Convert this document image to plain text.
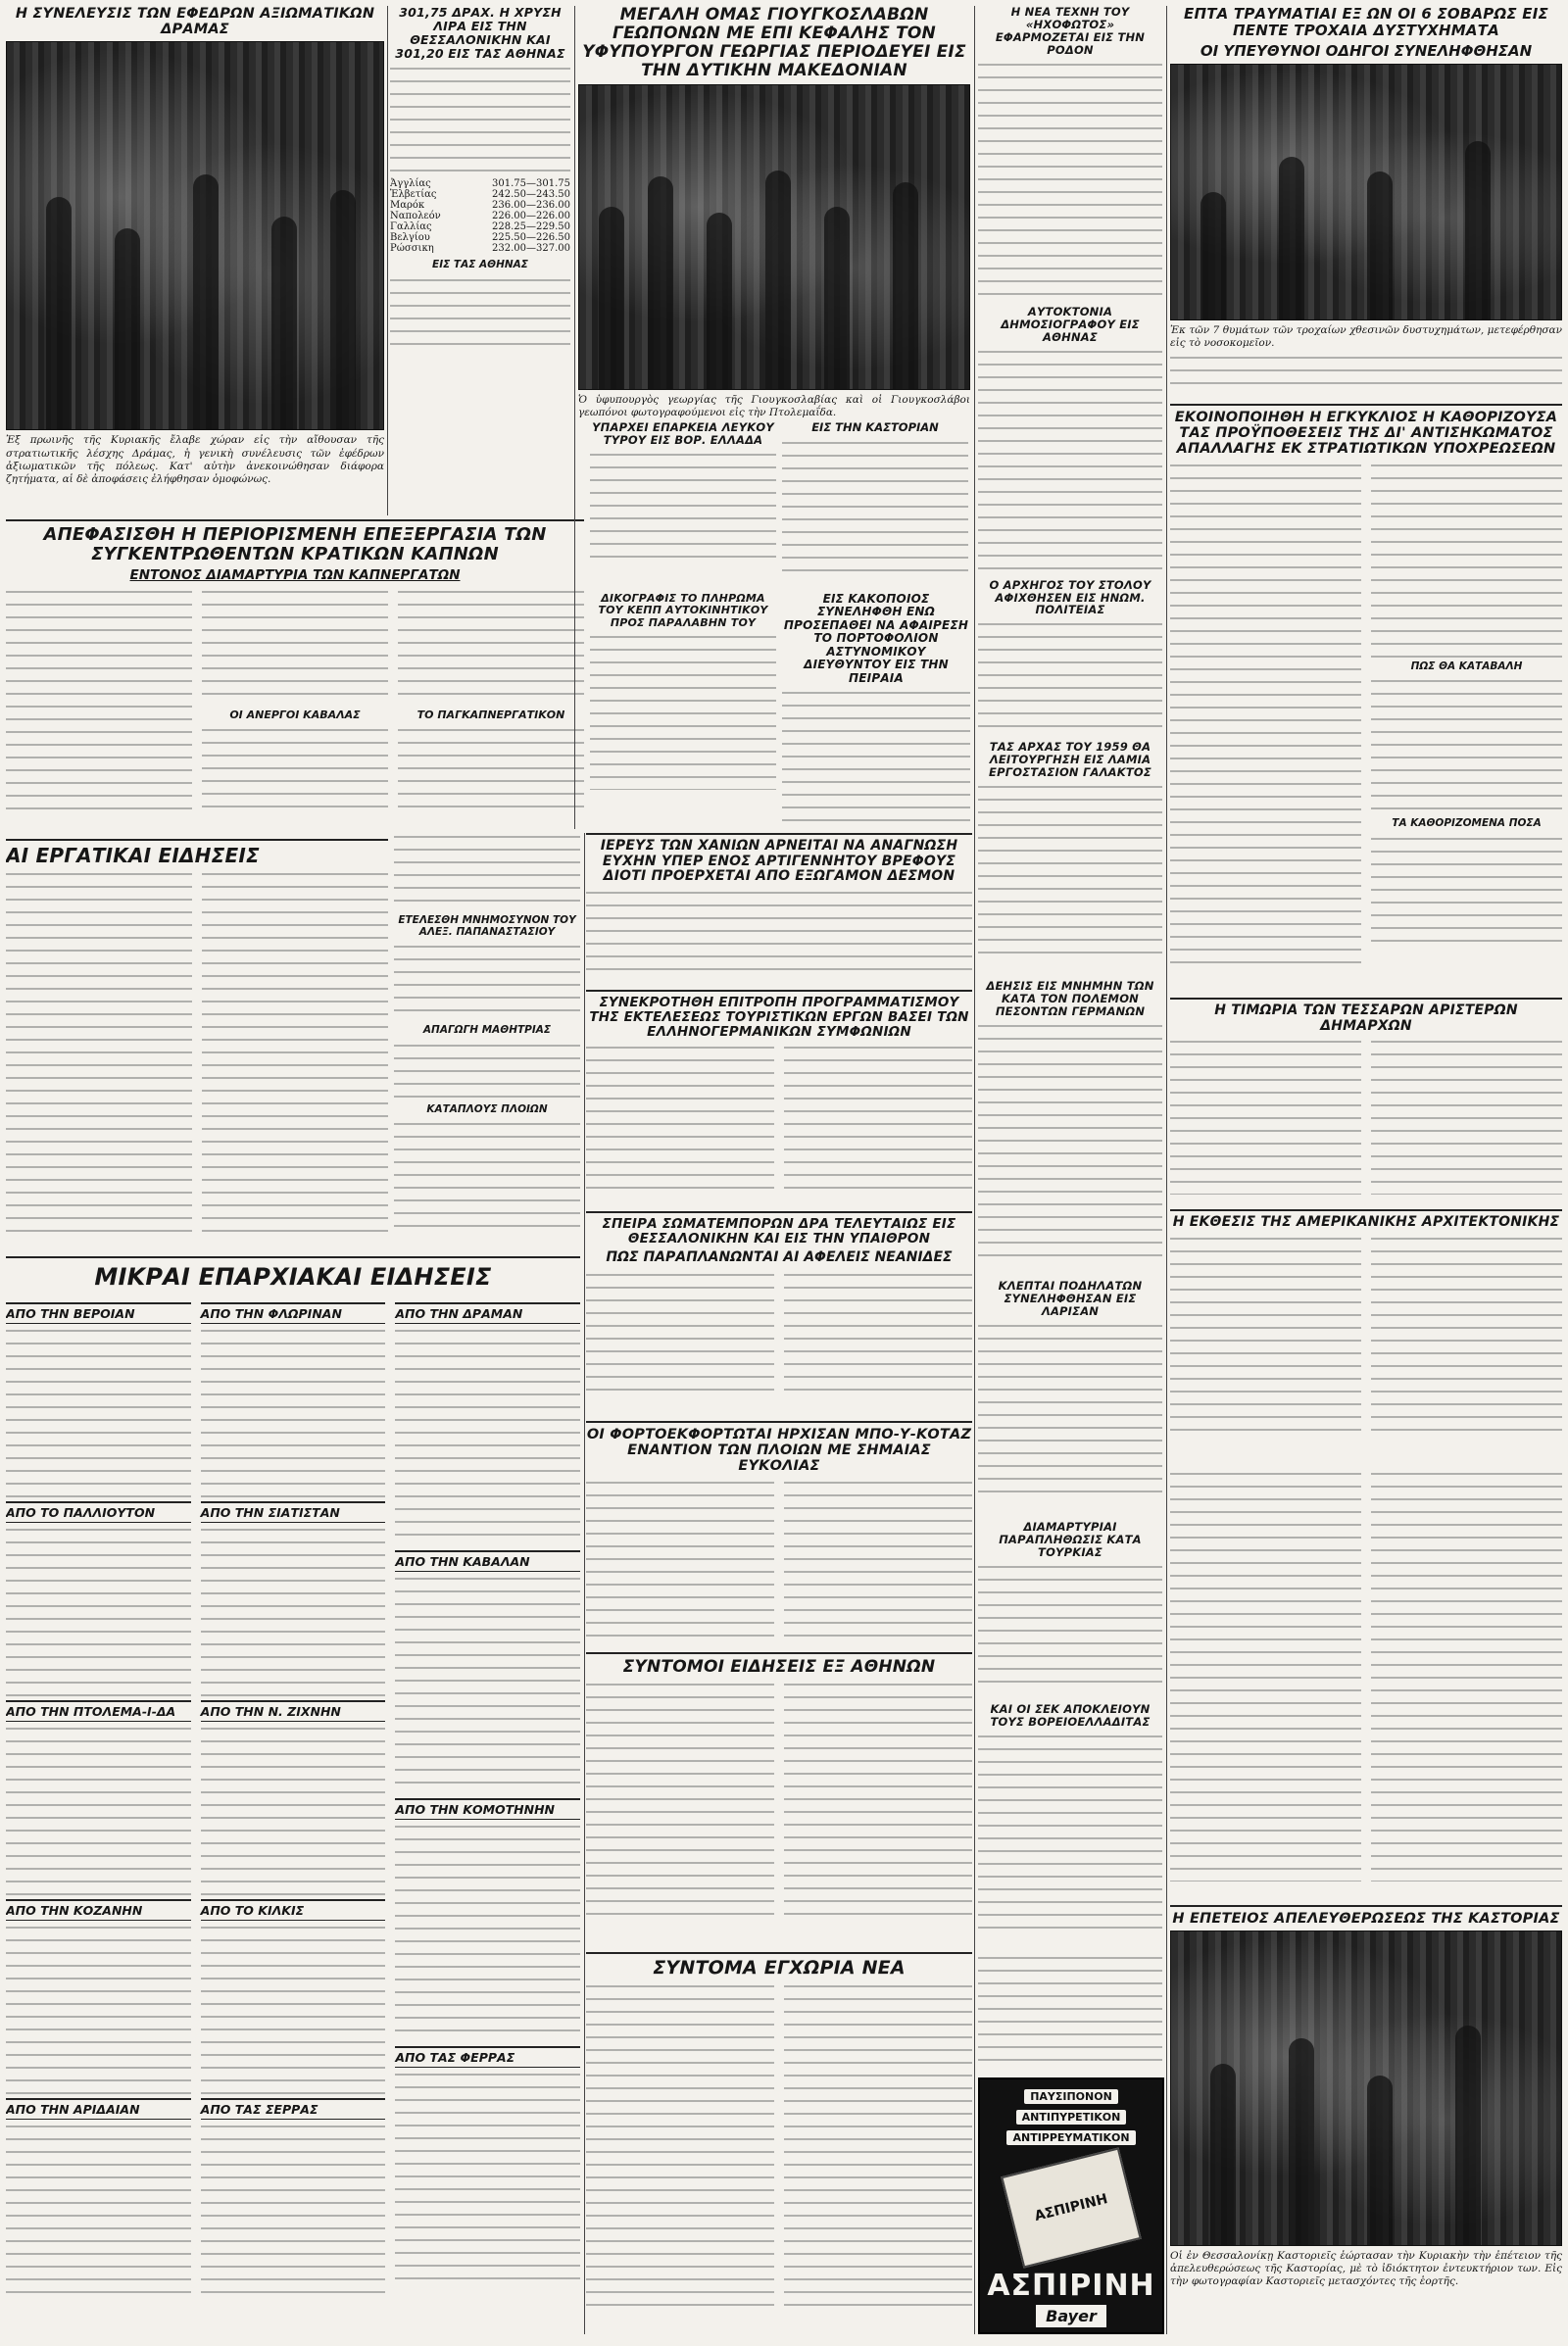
Η ΣΥΝΕΛΕΥΣΙΣ ΤΩΝ ΕΦΕΔΡΩΝ ΑΞΙΩΜΑΤΙΚΩΝ ΔΡΑΜΑΣ

Ἐξ πρωινῆς τῆς Κυριακῆς ἔλαβε χώραν εἰς τὴν αἴθουσαν τῆς στρατιωτικῆς λέσχης Δράμας, ἡ γενικὴ συνέλευσις τῶν ἐφέδρων ἀξιωματικῶν τῆς πόλεως. Κατ' αὐτὴν ἀνεκοινώθησαν διάφορα ζητήματα, αἱ δὲ ἀποφάσεις ἐλήφθησαν ὁμοφώνως.

301,75 ΔΡΑΧ. Η ΧΡΥΣΗ ΛΙΡΑ ΕΙΣ ΤΗΝ ΘΕΣΣΑΛΟΝΙΚΗΝ ΚΑΙ 301,20 ΕΙΣ ΤΑΣ ΑΘΗΝΑΣ
Ἀγγλίας	301.75—301.75
Ἑλβετίας	242.50—243.50
Μαρόκ	236.00—236.00
Ναπολεόν	226.00—226.00
Γαλλίας	228.25—229.50
Βελγίου	225.50—226.50
Ρώσσικη	232.00—327.00
ΕΙΣ ΤΑΣ ΑΘΗΝΑΣ
ΜΕΓΑΛΗ ΟΜΑΣ ΓΙΟΥΓΚΟΣΛΑΒΩΝ ΓΕΩΠΟΝΩΝ ΜΕ ΕΠΙ ΚΕΦΑΛΗΣ ΤΟΝ ΥΦΥΠΟΥΡΓΟΝ ΓΕΩΡΓΙΑΣ ΠΕΡΙΟΔΕΥΕΙ ΕΙΣ ΤΗΝ ΔΥΤΙΚΗΝ ΜΑΚΕΔΟΝΙΑΝ

Ὁ ὑφυπουργὸς γεωργίας τῆς Γιουγκοσλαβίας καὶ οἱ Γιουγκοσλάβοι γεωπόνοι φωτογραφούμενοι εἰς τὴν Πτολεμαΐδα.

Η ΝΕΑ ΤΕΧΝΗ ΤΟΥ «ΗΧΟΦΩΤΟΣ» ΕΦΑΡΜΟΖΕΤΑΙ ΕΙΣ ΤΗΝ ΡΟΔΟΝ
ΕΠΤΑ ΤΡΑΥΜΑΤΙΑΙ ΕΞ ΩΝ ΟΙ 6 ΣΟΒΑΡΩΣ ΕΙΣ ΠΕΝΤΕ ΤΡΟΧΑΙΑ ΔΥΣΤΥΧΗΜΑΤΑ
ΟΙ ΥΠΕΥΘΥΝΟΙ ΟΔΗΓΟΙ ΣΥΝΕΛΗΦΘΗΣΑΝ

Ἐκ τῶν 7 θυμάτων τῶν τροχαίων χθεσινῶν δυστυχημάτων, μετεφέρθησαν εἰς τὸ νοσοκομεῖον.

ΑΠΕΦΑΣΙΣΘΗ Η ΠΕΡΙΟΡΙΣΜΕΝΗ ΕΠΕΞΕΡΓΑΣΙΑ ΤΩΝ ΣΥΓΚΕΝΤΡΩΘΕΝΤΩΝ ΚΡΑΤΙΚΩΝ ΚΑΠΝΩΝ
ΕΝΤΟΝΟΣ ΔΙΑΜΑΡΤΥΡΙΑ ΤΩΝ ΚΑΠΝΕΡΓΑΤΩΝ
ΟΙ ΑΝΕΡΓΟΙ ΚΑΒΑΛΑΣ	ΤΟ ΠΑΓΚΑΠΝΕΡΓΑΤΙΚΟΝ
ΥΠΑΡΧΕΙ ΕΠΑΡΚΕΙΑ ΛΕΥΚΟΥ ΤΥΡΟΥ ΕΙΣ ΒΟΡ. ΕΛΛΑΔΑ
ΕΙΣ ΤΗΝ ΚΑΣΤΟΡΙΑΝ
ΑΥΤΟΚΤΟΝΙΑ ΔΗΜΟΣΙΟΓΡΑΦΟΥ ΕΙΣ ΑΘΗΝΑΣ
Ο ΑΡΧΗΓΟΣ ΤΟΥ ΣΤΟΛΟΥ ΑΦΙΧΘΗΣΕΝ ΕΙΣ ΗΝΩΜ. ΠΟΛΙΤΕΙΑΣ
ΔΙΚΟΓΡΑΦΙΣ ΤΟ ΠΛΗΡΩΜΑ ΤΟΥ ΚΕΠΠ ΑΥΤΟΚΙΝΗΤΙΚΟΥ ΠΡΟΣ ΠΑΡΑΛΑΒΗΝ ΤΟΥ
ΕΙΣ ΚΑΚΟΠΟΙΟΣ ΣΥΝΕΛΗΦΘΗ ΕΝΩ ΠΡΟΣΕΠΑΘΕΙ ΝΑ ΑΦΑΙΡΕΣΗ ΤΟ ΠΟΡΤΟΦΟΛΙΟΝ ΑΣΤΥΝΟΜΙΚΟΥ ΔΙΕΥΘΥΝΤΟΥ ΕΙΣ ΤΗΝ ΠΕΙΡΑΙΑ
ΕΚΟΙΝΟΠΟΙΗΘΗ Η ΕΓΚΥΚΛΙΟΣ Η ΚΑΘΟΡΙΖΟΥΣΑ ΤΑΣ ΠΡΟΫΠΟΘΕΣΕΙΣ ΤΗΣ ΔΙ' ΑΝΤΙΣΗΚΩΜΑΤΟΣ ΑΠΑΛΛΑΓΗΣ ΕΚ ΣΤΡΑΤΙΩΤΙΚΩΝ ΥΠΟΧΡΕΩΣΕΩΝ
ΠΩΣ ΘΑ ΚΑΤΑΒΑΛΗ
ΤΑ ΚΑΘΟΡΙΖΟΜΕΝΑ ΠΟΣΑ
ΑΙ ΕΡΓΑΤΙΚΑΙ ΕΙΔΗΣΕΙΣ
ΕΤΕΛΕΣΘΗ ΜΝΗΜΟΣΥΝΟΝ ΤΟΥ ΑΛΕΞ. ΠΑΠΑΝΑΣΤΑΣΙΟΥ
ΑΠΑΓΩΓΗ ΜΑΘΗΤΡΙΑΣ
ΚΑΤΑΠΛΟΥΣ ΠΛΟΙΩΝ
ΙΕΡΕΥΣ ΤΩΝ ΧΑΝΙΩΝ ΑΡΝΕΙΤΑΙ ΝΑ ΑΝΑΓΝΩΣΗ ΕΥΧΗΝ ΥΠΕΡ ΕΝΟΣ ΑΡΤΙΓΕΝΝΗΤΟΥ ΒΡΕΦΟΥΣ ΔΙΟΤΙ ΠΡΟΕΡΧΕΤΑΙ ΑΠΟ ΕΞΩΓΑΜΟΝ ΔΕΣΜΟΝ
ΤΑΣ ΑΡΧΑΣ ΤΟΥ 1959 ΘΑ ΛΕΙΤΟΥΡΓΗΣΗ ΕΙΣ ΛΑΜΙΑ ΕΡΓΟΣΤΑΣΙΟΝ ΓΑΛΑΚΤΟΣ
ΣΥΝΕΚΡΟΤΗΘΗ ΕΠΙΤΡΟΠΗ ΠΡΟΓΡΑΜΜΑΤΙΣΜΟΥ ΤΗΣ ΕΚΤΕΛΕΣΕΩΣ ΤΟΥΡΙΣΤΙΚΩΝ ΕΡΓΩΝ ΒΑΣΕΙ ΤΩΝ ΕΛΛΗΝΟΓΕΡΜΑΝΙΚΩΝ ΣΥΜΦΩΝΙΩΝ
ΔΕΗΣΙΣ ΕΙΣ ΜΝΗΜΗΝ ΤΩΝ ΚΑΤΑ ΤΟΝ ΠΟΛΕΜΟΝ ΠΕΣΟΝΤΩΝ ΓΕΡΜΑΝΩΝ	Η ΤΙΜΩΡΙΑ ΤΩΝ ΤΕΣΣΑΡΩΝ ΑΡΙΣΤΕΡΩΝ ΔΗΜΑΡΧΩΝ
ΣΠΕΙΡΑ ΣΩΜΑΤΕΜΠΟΡΩΝ ΔΡΑ ΤΕΛΕΥΤΑΙΩΣ ΕΙΣ ΘΕΣΣΑΛΟΝΙΚΗΝ ΚΑΙ ΕΙΣ ΤΗΝ ΥΠΑΙΘΡΟΝ
ΠΩΣ ΠΑΡΑΠΛΑΝΩΝΤΑΙ ΑΙ ΑΦΕΛΕΙΣ ΝΕΑΝΙΔΕΣ
ΚΛΕΠΤΑΙ ΠΟΔΗΛΑΤΩΝ ΣΥΝΕΛΗΦΘΗΣΑΝ ΕΙΣ ΛΑΡΙΣΑΝ
Η ΕΚΘΕΣΙΣ ΤΗΣ ΑΜΕΡΙΚΑΝΙΚΗΣ ΑΡΧΙΤΕΚΤΟΝΙΚΗΣ
ΜΙΚΡΑΙ ΕΠΑΡΧΙΑΚΑΙ ΕΙΔΗΣΕΙΣ
ΑΠΟ ΤΗΝ ΒΕΡΟΙΑΝ
ΑΠΟ ΤΟ ΠΑΛΛΙΟΥΤΟΝ
ΑΠΟ ΤΗΝ ΠΤΟΛΕΜΑ-Ι-ΔΑ
ΑΠΟ ΤΗΝ ΚΟΖΑΝΗΝ
ΑΠΟ ΤΗΝ ΑΡΙΔΑΙΑΝ
ΑΠΟ ΤΗΝ ΦΛΩΡΙΝΑΝ
ΑΠΟ ΤΗΝ ΣΙΑΤΙΣΤΑΝ
ΑΠΟ ΤΗΝ Ν. ΖΙΧΝΗΝ
ΑΠΟ ΤΟ ΚΙΛΚΙΣ
ΑΠΟ ΤΑΣ ΣΕΡΡΑΣ
ΑΠΟ ΤΗΝ ΔΡΑΜΑΝ
ΑΠΟ ΤΗΝ ΚΑΒΑΛΑΝ
ΑΠΟ ΤΗΝ ΚΟΜΟΤΗΝΗΝ
ΑΠΟ ΤΑΣ ΦΕΡΡΑΣ
ΟΙ ΦΟΡΤΟΕΚΦΟΡΤΩΤΑΙ ΗΡΧΙΣΑΝ ΜΠΟ-Υ-ΚΟΤΑΖ ΕΝΑΝΤΙΟΝ ΤΩΝ ΠΛΟΙΩΝ ΜΕ ΣΗΜΑΙΑΣ ΕΥΚΟΛΙΑΣ
ΔΙΑΜΑΡΤΥΡΙΑΙ ΠΑΡΑΠΛΗΘΩΣΙΣ ΚΑΤΑ ΤΟΥΡΚΙΑΣ
ΣΥΝΤΟΜΟΙ ΕΙΔΗΣΕΙΣ ΕΞ ΑΘΗΝΩΝ
ΚΑΙ ΟΙ ΣΕΚ ΑΠΟΚΛΕΙΟΥΝ ΤΟΥΣ ΒΟΡΕΙΟΕΛΛΑΔΙΤΑΣ
ΣΥΝΤΟΜΑ ΕΓΧΩΡΙΑ ΝΕΑ
ΠΑΥΣΙΠΟΝΟΝ
ΑΝΤΙΠΥΡΕΤΙΚΟΝ
ΑΝΤΙΡΡΕΥΜΑΤΙΚΟΝ
ΑΣΠΙΡΙΝΗ
ΑΣΠΙΡΙΝΗ
Bayer
LEVERKUSEN · ΓΕΡΜΑΝΙΑΣ
Η ΕΠΕΤΕΙΟΣ ΑΠΕΛΕΥΘΕΡΩΣΕΩΣ ΤΗΣ ΚΑΣΤΟΡΙΑΣ

Οἱ ἐν Θεσσαλονίκῃ Καστοριεῖς ἑώρτασαν τὴν Κυριακὴν τὴν ἐπέτειον τῆς ἀπελευθερώσεως τῆς Καστορίας, μὲ τὸ ἰδιόκτητον ἐντευκτήριον των. Εἰς τὴν φωτογραφίαν Καστοριεῖς μετασχόντες τῆς ἑορτῆς.
